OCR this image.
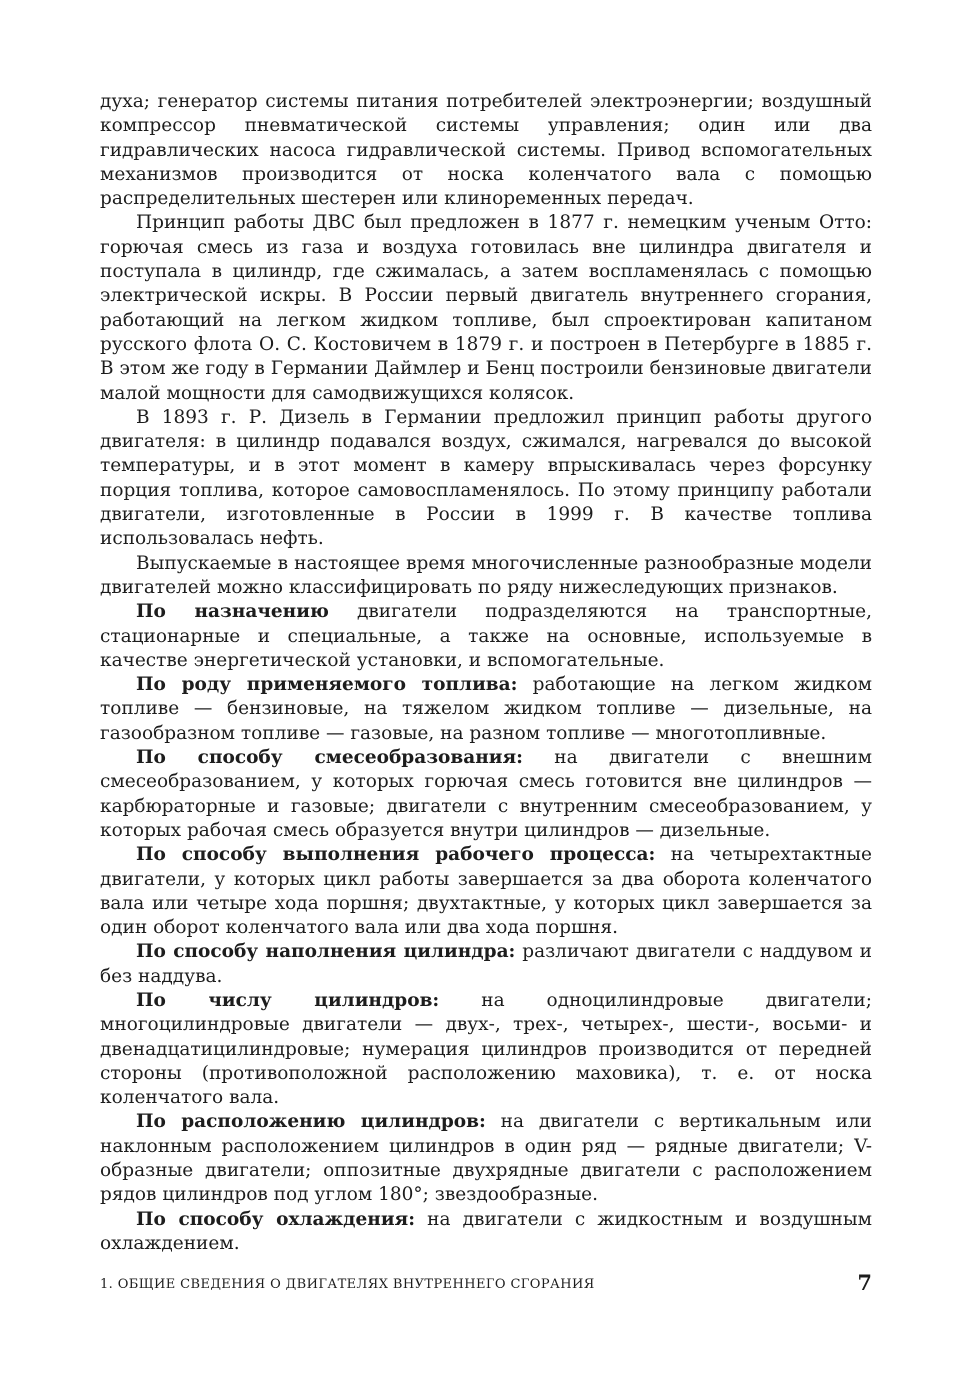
духа; генератор системы питания потребителей электроэнергии; воздушный компрессор пневматической системы управления; один или два гидравлических насоса гидравлической системы. Привод вспомогательных механизмов производится от носка коленчатого вала с помощью распределительных шестерен или клиноременных передач.

Принцип работы ДВС был предложен в 1877 г. немецким ученым Отто: горючая смесь из газа и воздуха готовилась вне цилиндра двигателя и поступала в цилиндр, где сжималась, а затем воспламенялась с помощью электрической искры. В России первый двигатель внутреннего сгорания, работающий на легком жидком топливе, был спроектирован капитаном русского флота О. С. Костовичем в 1879 г. и построен в Петербурге в 1885 г. В этом же году в Германии Даймлер и Бенц построили бензиновые двигатели малой мощности для самодвижущихся колясок.

В 1893 г. Р. Дизель в Германии предложил принцип работы другого двигателя: в цилиндр подавался воздух, сжимался, нагревался до высокой температуры, и в этот момент в камеру впрыскивалась через форсунку порция топлива, которое самовоспламенялось. По этому принципу работали двигатели, изготовленные в России в 1999 г. В качестве топлива использовалась нефть.

Выпускаемые в настоящее время многочисленные разнообразные модели двигателей можно классифицировать по ряду нижеследующих признаков.

По назначению двигатели подразделяются на транспортные, стационарные и специальные, а также на основные, используемые в качестве энергетической установки, и вспомогательные.

По роду применяемого топлива: работающие на легком жидком топливе — бензиновые, на тяжелом жидком топливе — дизельные, на газообразном топливе — газовые, на разном топливе — многотопливные.

По способу смесеобразования: на двигатели с внешним смесеобразованием, у которых горючая смесь готовится вне цилиндров — карбюраторные и газовые; двигатели с внутренним смесеобразованием, у которых рабочая смесь образуется внутри цилиндров — дизельные.

По способу выполнения рабочего процесса: на четырехтактные двигатели, у которых цикл работы завершается за два оборота коленчатого вала или четыре хода поршня; двухтактные, у которых цикл завершается за один оборот коленчатого вала или два хода поршня.

По способу наполнения цилиндра: различают двигатели с наддувом и без наддува.

По числу цилиндров: на одноцилиндровые двигатели; многоцилиндровые двигатели — двух-, трех-, четырех-, шести-, восьми- и двенадцатицилиндровые; нумерация цилиндров производится от передней стороны (противоположной расположению маховика), т. е. от носка коленчатого вала.

По расположению цилиндров: на двигатели с вертикальным или наклонным расположением цилиндров в один ряд — рядные двигатели; V-образные двигатели; оппозитные двухрядные двигатели с расположением рядов цилиндров под углом 180°; звездообразные.

По способу охлаждения: на двигатели с жидкостным и воздушным охлаждением.

1. ОБЩИЕ СВЕДЕНИЯ О ДВИГАТЕЛЯХ ВНУТРЕННЕГО СГОРАНИЯ	7
